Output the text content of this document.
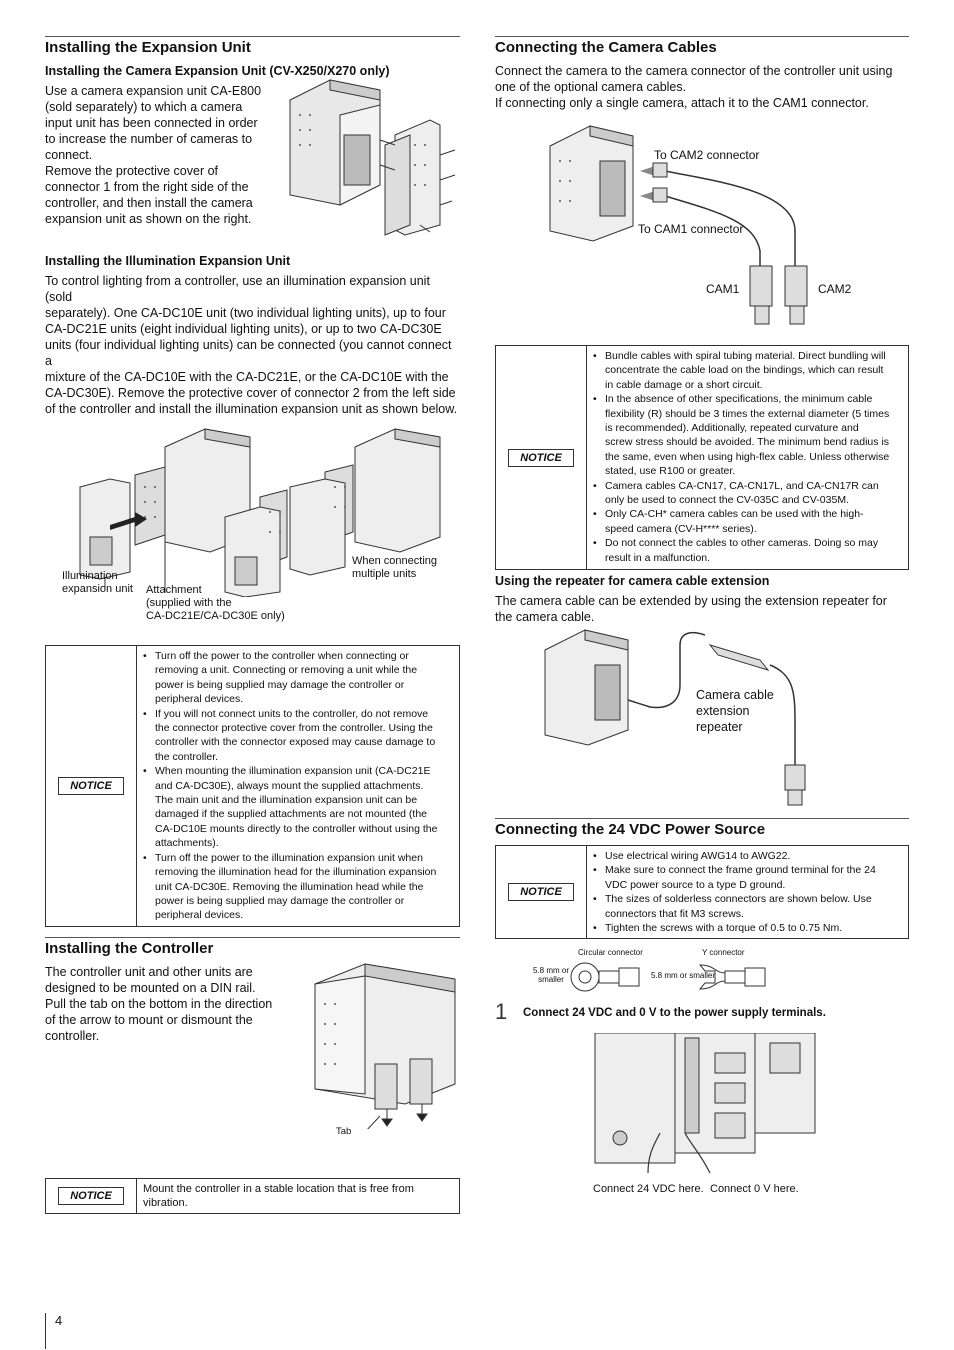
Installing the Expansion Unit
Installing the Camera Expansion Unit (CV-X250/X270 only)
Use a camera expansion unit CA-E800
(sold separately) to which a camera
input unit has been connected in order
to increase the number of cameras to
connect.
Remove the protective cover of
connector 1 from the right side of the
controller, and then install the camera
expansion unit as shown on the right.
Installing the Illumination Expansion Unit
To control lighting from a controller, use an illumination expansion unit (sold
separately). One CA-DC10E unit (two individual lighting units), up to four
CA-DC21E units (eight individual lighting units), or up to two CA-DC30E
units (four individual lighting units) can be connected (you cannot connect a
mixture of the CA-DC10E with the CA-DC21E, or the CA-DC10E with the
CA-DC30E). Remove the protective cover of connector 2 from the left side
of the controller and install the illumination expansion unit as shown below.
Illumination
expansion unit Attachment
(supplied with the
CA-DC21E/CA-DC30E only)
When connecting
multiple units
NOTICE
• Turn off the power to the controller when connecting or
removing a unit. Connecting or removing a unit while the
power is being supplied may damage the controller or
peripheral devices.
• If you will not connect units to the controller, do not remove
the connector protective cover from the controller. Using the
controller with the connector exposed may cause damage to
the controller.
• When mounting the illumination expansion unit (CA-DC21E
and CA-DC30E), always mount the supplied attachments.
The main unit and the illumination expansion unit can be
damaged if the supplied attachments are not mounted (the
CA-DC10E mounts directly to the controller without using the
attachments).
• Turn off the power to the illumination expansion unit when
removing the illumination head for the illumination expansion
unit CA-DC30E. Removing the illumination head while the
power is being supplied may damage the controller or
peripheral devices.
Installing the Controller
The controller unit and other units are
designed to be mounted on a DIN rail.
Pull the tab on the bottom in the direction
of the arrow to mount or dismount the
controller.
Tab
NOTICE
Mount the controller in a stable location that is free from
vibration.
Connecting the Camera Cables
Connect the camera to the camera connector of the controller unit using
one of the optional camera cables.
If connecting only a single camera, attach it to the CAM1 connector.
To CAM2 connector
To CAM1 connector
CAM1	CAM2
NOTICE
• Bundle cables with spiral tubing material. Direct bundling will
concentrate the cable load on the bindings, which can result
in cable damage or a short circuit.
• In the absence of other specifications, the minimum cable
flexibility (R) should be 3 times the external diameter (5 times
is recommended). Additionally, repeated curvature and
screw stress should be avoided. The minimum bend radius is
the same, even when using high-flex cable. Unless otherwise
stated, use R100 or greater.
• Camera cables CA-CN17, CA-CN17L, and CA-CN17R can
only be used to connect the CV-035C and CV-035M.
• Only CA-CH* camera cables can be used with the high-
speed camera (CV-H**** series).
• Do not connect the cables to other cameras. Doing so may
result in a malfunction.
Using the repeater for camera cable extension
The camera cable can be extended by using the extension repeater for
the camera cable.
Camera cable
extension
repeater
Connecting the 24 VDC Power Source
NOTICE
• Use electrical wiring AWG14 to AWG22.
• Make sure to connect the frame ground terminal for the 24
VDC power source to a type D ground.
• The sizes of solderless connectors are shown below. Use
connectors that fit M3 screws.
• Tighten the screws with a torque of 0.5 to 0.75 Nm.
Circular connector	Y connector
5.8 mm or
smaller	5.8 mm or smaller
1 Connect 24 VDC and 0 V to the power supply terminals.
Connect 24 VDC here. Connect 0 V here.
4
